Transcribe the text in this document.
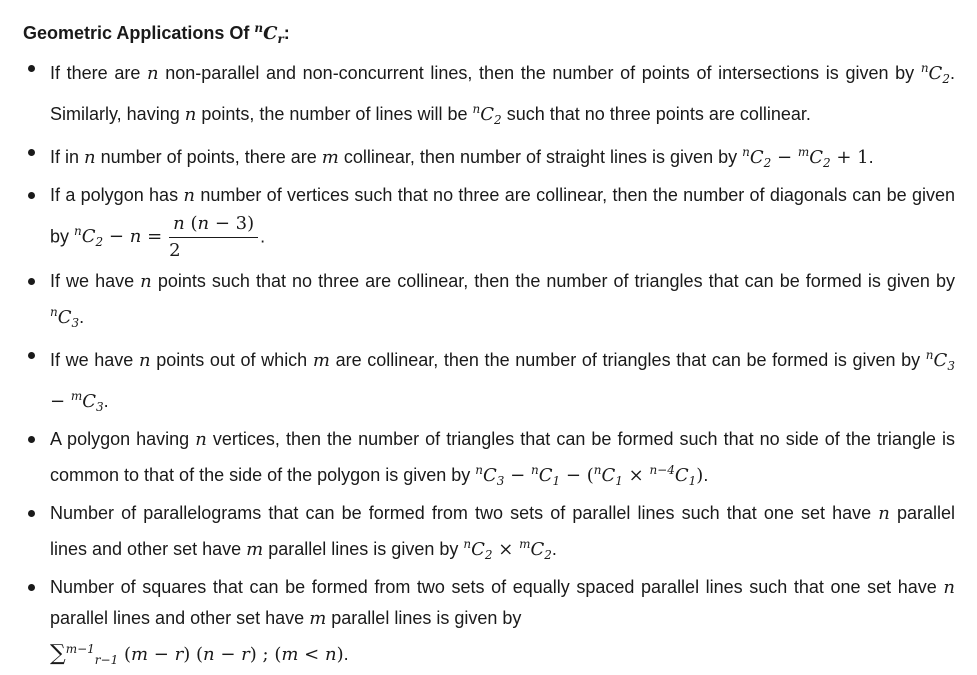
Geometric Applications Of $^nC_r$:
If there are n non-parallel and non-concurrent lines, then the number of points of intersections is given by $^nC_2$. Similarly, having n points, the number of lines will be $^nC_2$ such that no three points are collinear.
If in n number of points, there are m collinear, then number of straight lines is given by $^nC_2 - ^mC_2 + 1$.
If a polygon has n number of vertices such that no three are collinear, then the number of diagonals can be given by $^nC_2 - n = \frac{n (n - 3)}{2}$ .
If we have n points such that no three are collinear, then the number of triangles that can be formed is given by $^nC_3$.
If we have n points out of which m are collinear, then the number of triangles that can be formed is given by $^nC_3 - ^mC_3$.
A polygon having n vertices, then the number of triangles that can be formed such that no side of the triangle is common to that of the side of the polygon is given by $^nC_3 - ^nC_1 - (^nC_1 \times ^{n-4}C_1)$.
Number of parallelograms that can be formed from two sets of parallel lines such that one set have n parallel lines and other set have m parallel lines is given by $^nC_2 \times ^mC_2$.
Number of squares that can be formed from two sets of equally spaced parallel lines such that one set have n parallel lines and other set have m parallel lines is given by
∑$^{m-1}_{r-1}$ (m − r) (n − r) ; (m < n).
